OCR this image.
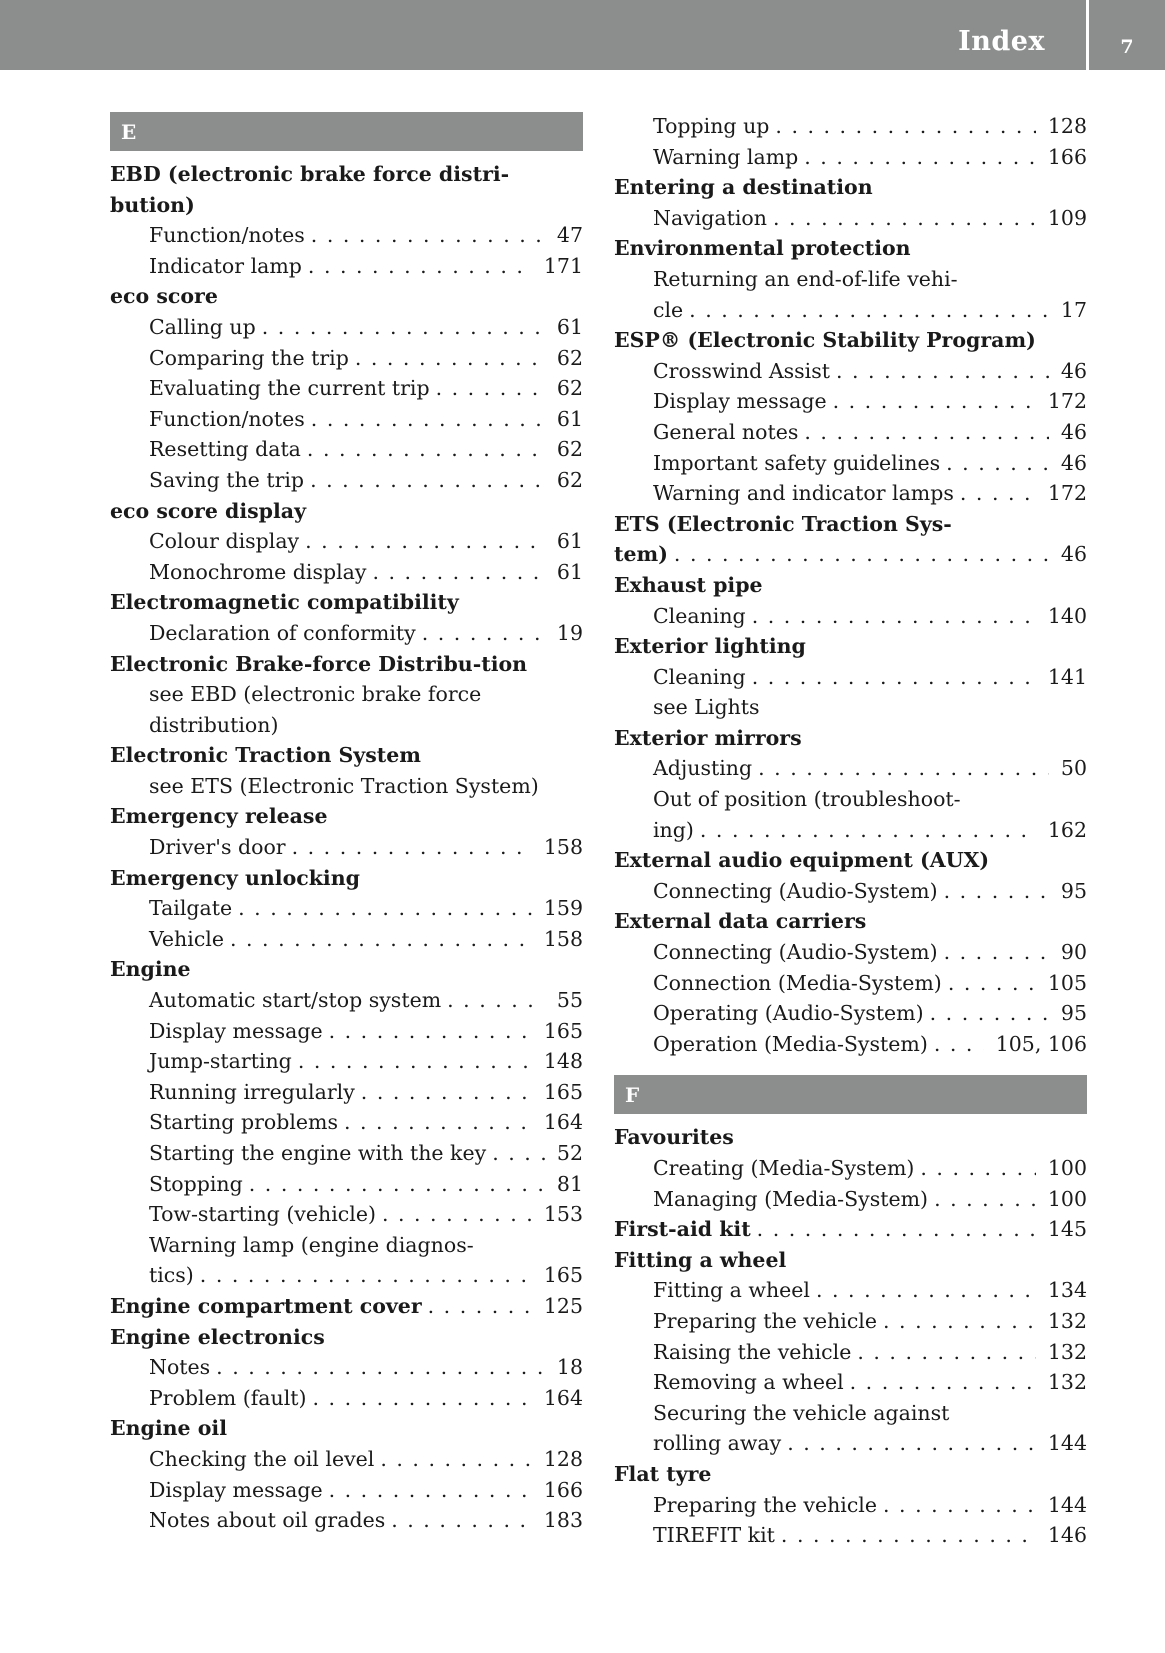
Index	7
E
EBD (electronic brake force distri-bution)
Function/notes . . .	47
Indicator lamp . . .	171
eco score
Calling up . . .	61
Comparing the trip . . .	62
Evaluating the current trip . . .	62
Function/notes . . .	61
Resetting data . . .	62
Saving the trip . . .	62
eco score display
Colour display . . .	61
Monochrome display . . .	61
Electromagnetic compatibility
Declaration of conformity . . .	19
Electronic Brake-force Distribu-tion
see EBD (electronic brake force distribution)
Electronic Traction System
see ETS (Electronic Traction System)
Emergency release
Driver's door . . .	158
Emergency unlocking
Tailgate . . .	159
Vehicle . . .	158
Engine
Automatic start/stop system . . .	55
Display message . . .	165
Jump-starting . . .	148
Running irregularly . . .	165
Starting problems . . .	164
Starting the engine with the key . . .	52
Stopping . . .	81
Tow-starting (vehicle) . . .	153
Warning lamp (engine diagnos-
tics) . . .	165
Engine compartment cover . . .	125
Engine electronics
Notes . . .	18
Problem (fault) . . .	164
Engine oil
Checking the oil level . . .	128
Display message . . .	166
Notes about oil grades . . .	183
Topping up . . .	128
Warning lamp . . .	166
Entering a destination
Navigation . . .	109
Environmental protection
Returning an end-of-life vehi-
cle . . .	17
ESP® (Electronic Stability Program)
Crosswind Assist . . .	46
Display message . . .	172
General notes . . .	46
Important safety guidelines . . .	46
Warning and indicator lamps . . .	172
ETS (Electronic Traction Sys-
tem) . . .	46
Exhaust pipe
Cleaning . . .	140
Exterior lighting
Cleaning . . .	141
see Lights
Exterior mirrors
Adjusting . . .	50
Out of position (troubleshoot-
ing) . . .	162
External audio equipment (AUX)
Connecting (Audio-System) . . .	95
External data carriers
Connecting (Audio-System) . . .	90
Connection (Media-System) . . .	105
Operating (Audio-System) . . .	95
Operation (Media-System) . . .	105, 106
F
Favourites
Creating (Media-System) . . .	100
Managing (Media-System) . . .	100
First-aid kit . . .	145
Fitting a wheel
Fitting a wheel . . .	134
Preparing the vehicle . . .	132
Raising the vehicle . . .	132
Removing a wheel . . .	132
Securing the vehicle against
rolling away . . .	144
Flat tyre
Preparing the vehicle . . .	144
TIREFIT kit . . .	146
